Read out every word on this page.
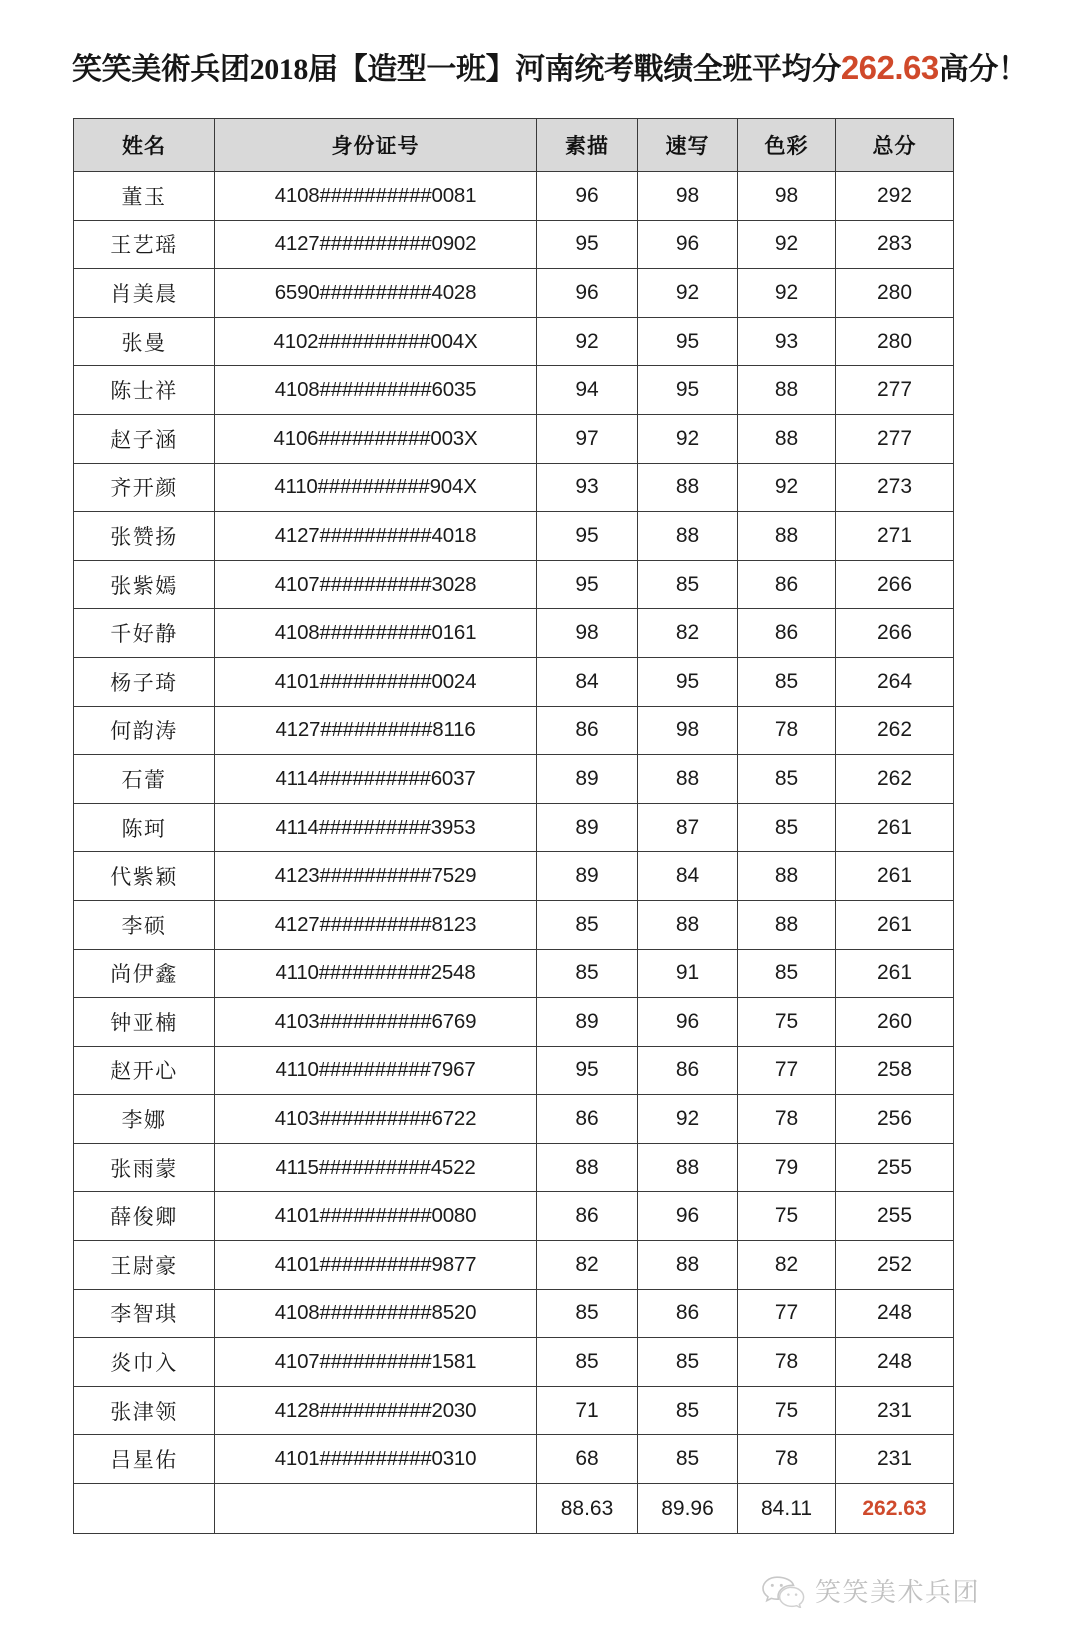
笑笑美術兵团2018届【造型一班】河南统考戰绩全班平均分262.63高分！
姓名	身份证号	素描	速写	色彩	总分
董玉	4108##########0081	96	98	98	292
王艺瑶	4127##########0902	95	96	92	283
肖美晨	6590##########4028	96	92	92	280
张曼	4102##########004X	92	95	93	280
陈士祥	4108##########6035	94	95	88	277
赵子涵	4106##########003X	97	92	88	277
齐开颜	4110##########904X	93	88	92	273
张赞扬	4127##########4018	95	88	88	271
张紫嫣	4107##########3028	95	85	86	266
千好静	4108##########0161	98	82	86	266
杨子琦	4101##########0024	84	95	85	264
何韵涛	4127##########8116	86	98	78	262
石蕾	4114##########6037	89	88	85	262
陈珂	4114##########3953	89	87	85	261
代紫颖	4123##########7529	89	84	88	261
李硕	4127##########8123	85	88	88	261
尚伊鑫	4110##########2548	85	91	85	261
钟亚楠	4103##########6769	89	96	75	260
赵开心	4110##########7967	95	86	77	258
李娜	4103##########6722	86	92	78	256
张雨蒙	4115##########4522	88	88	79	255
薛俊卿	4101##########0080	86	96	75	255
王尉豪	4101##########9877	82	88	82	252
李智琪	4108##########8520	85	86	77	248
炎巾入	4107##########1581	85	85	78	248
张津领	4128##########2030	71	85	75	231
吕星佑	4101##########0310	68	85	78	231
		88.63	89.96	84.11	262.63
笑笑美术兵团
